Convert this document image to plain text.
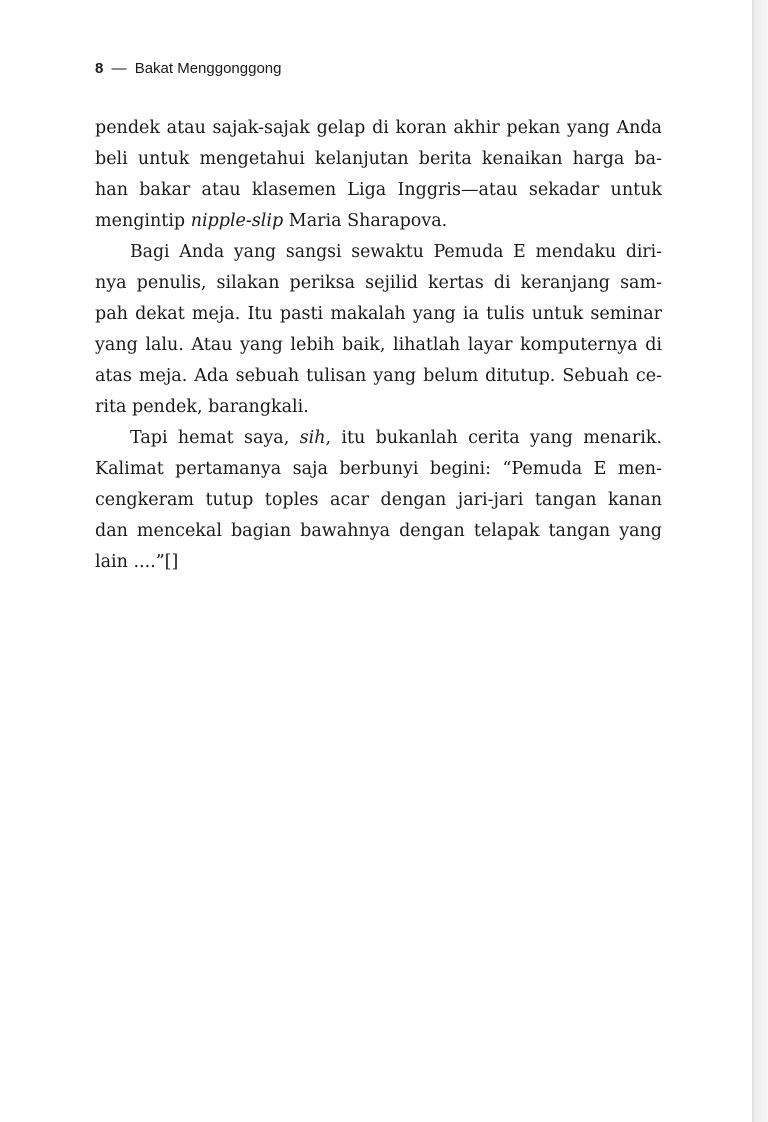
8 — Bakat Menggonggong
pendek atau sajak-sajak gelap di koran akhir pekan yang Anda
beli untuk mengetahui kelanjutan berita kenaikan harga ba-
han bakar atau klasemen Liga Inggris—atau sekadar untuk
mengintip nipple-slip Maria Sharapova.
Bagi Anda yang sangsi sewaktu Pemuda E mendaku diri-
nya penulis, silakan periksa sejilid kertas di keranjang sam-
pah dekat meja. Itu pasti makalah yang ia tulis untuk seminar
yang lalu. Atau yang lebih baik, lihatlah layar komputernya di
atas meja. Ada sebuah tulisan yang belum ditutup. Sebuah ce-
rita pendek, barangkali.
Tapi hemat saya, sih, itu bukanlah cerita yang menarik.
Kalimat pertamanya saja berbunyi begini: “Pemuda E men-
cengkeram tutup toples acar dengan jari-jari tangan kanan
dan mencekal bagian bawahnya dengan telapak tangan yang
lain ....”[]
